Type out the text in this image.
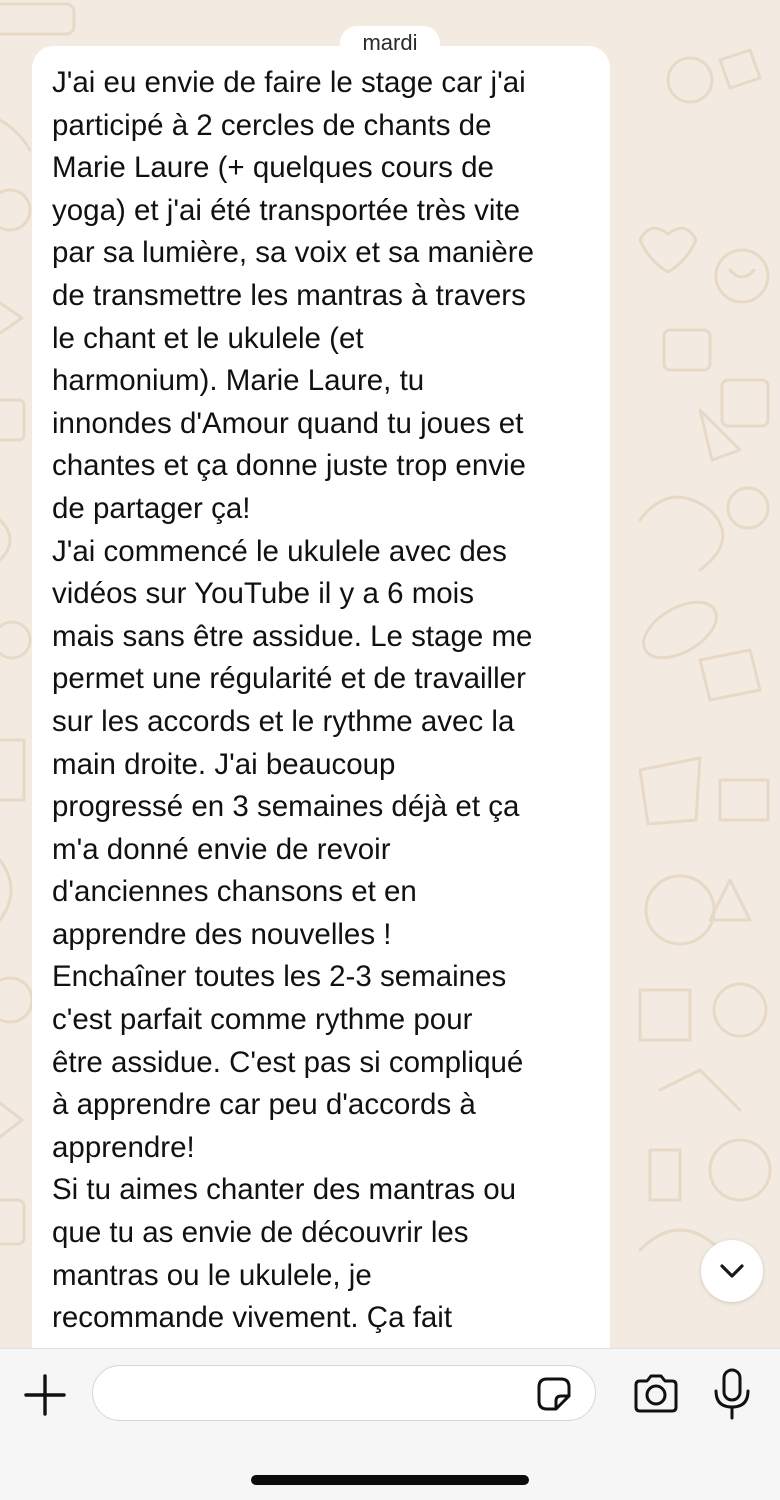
mardi

J'ai eu envie de faire le stage car j'ai
participé à 2 cercles de chants de
Marie Laure (+ quelques cours de
yoga) et j'ai été transportée très vite
par sa lumière, sa voix et sa manière
de transmettre les mantras à travers
le chant et le ukulele (et
harmonium). Marie Laure, tu
innondes d'Amour quand tu joues et
chantes et ça donne juste trop envie
de partager ça!
J'ai commencé le ukulele avec des
vidéos sur YouTube il y a 6 mois
mais sans être assidue. Le stage me
permet une régularité et de travailler
sur les accords et le rythme avec la
main droite. J'ai beaucoup
progressé en 3 semaines déjà et ça
m'a donné envie de revoir
d'anciennes chansons et en
apprendre des nouvelles !
Enchaîner toutes les 2-3 semaines
c'est parfait comme rythme pour
être assidue. C'est pas si compliqué
à apprendre car peu d'accords à
apprendre!
Si tu aimes chanter des mantras ou
que tu as envie de découvrir les
mantras ou le ukulele, je
recommande vivement. Ça fait
